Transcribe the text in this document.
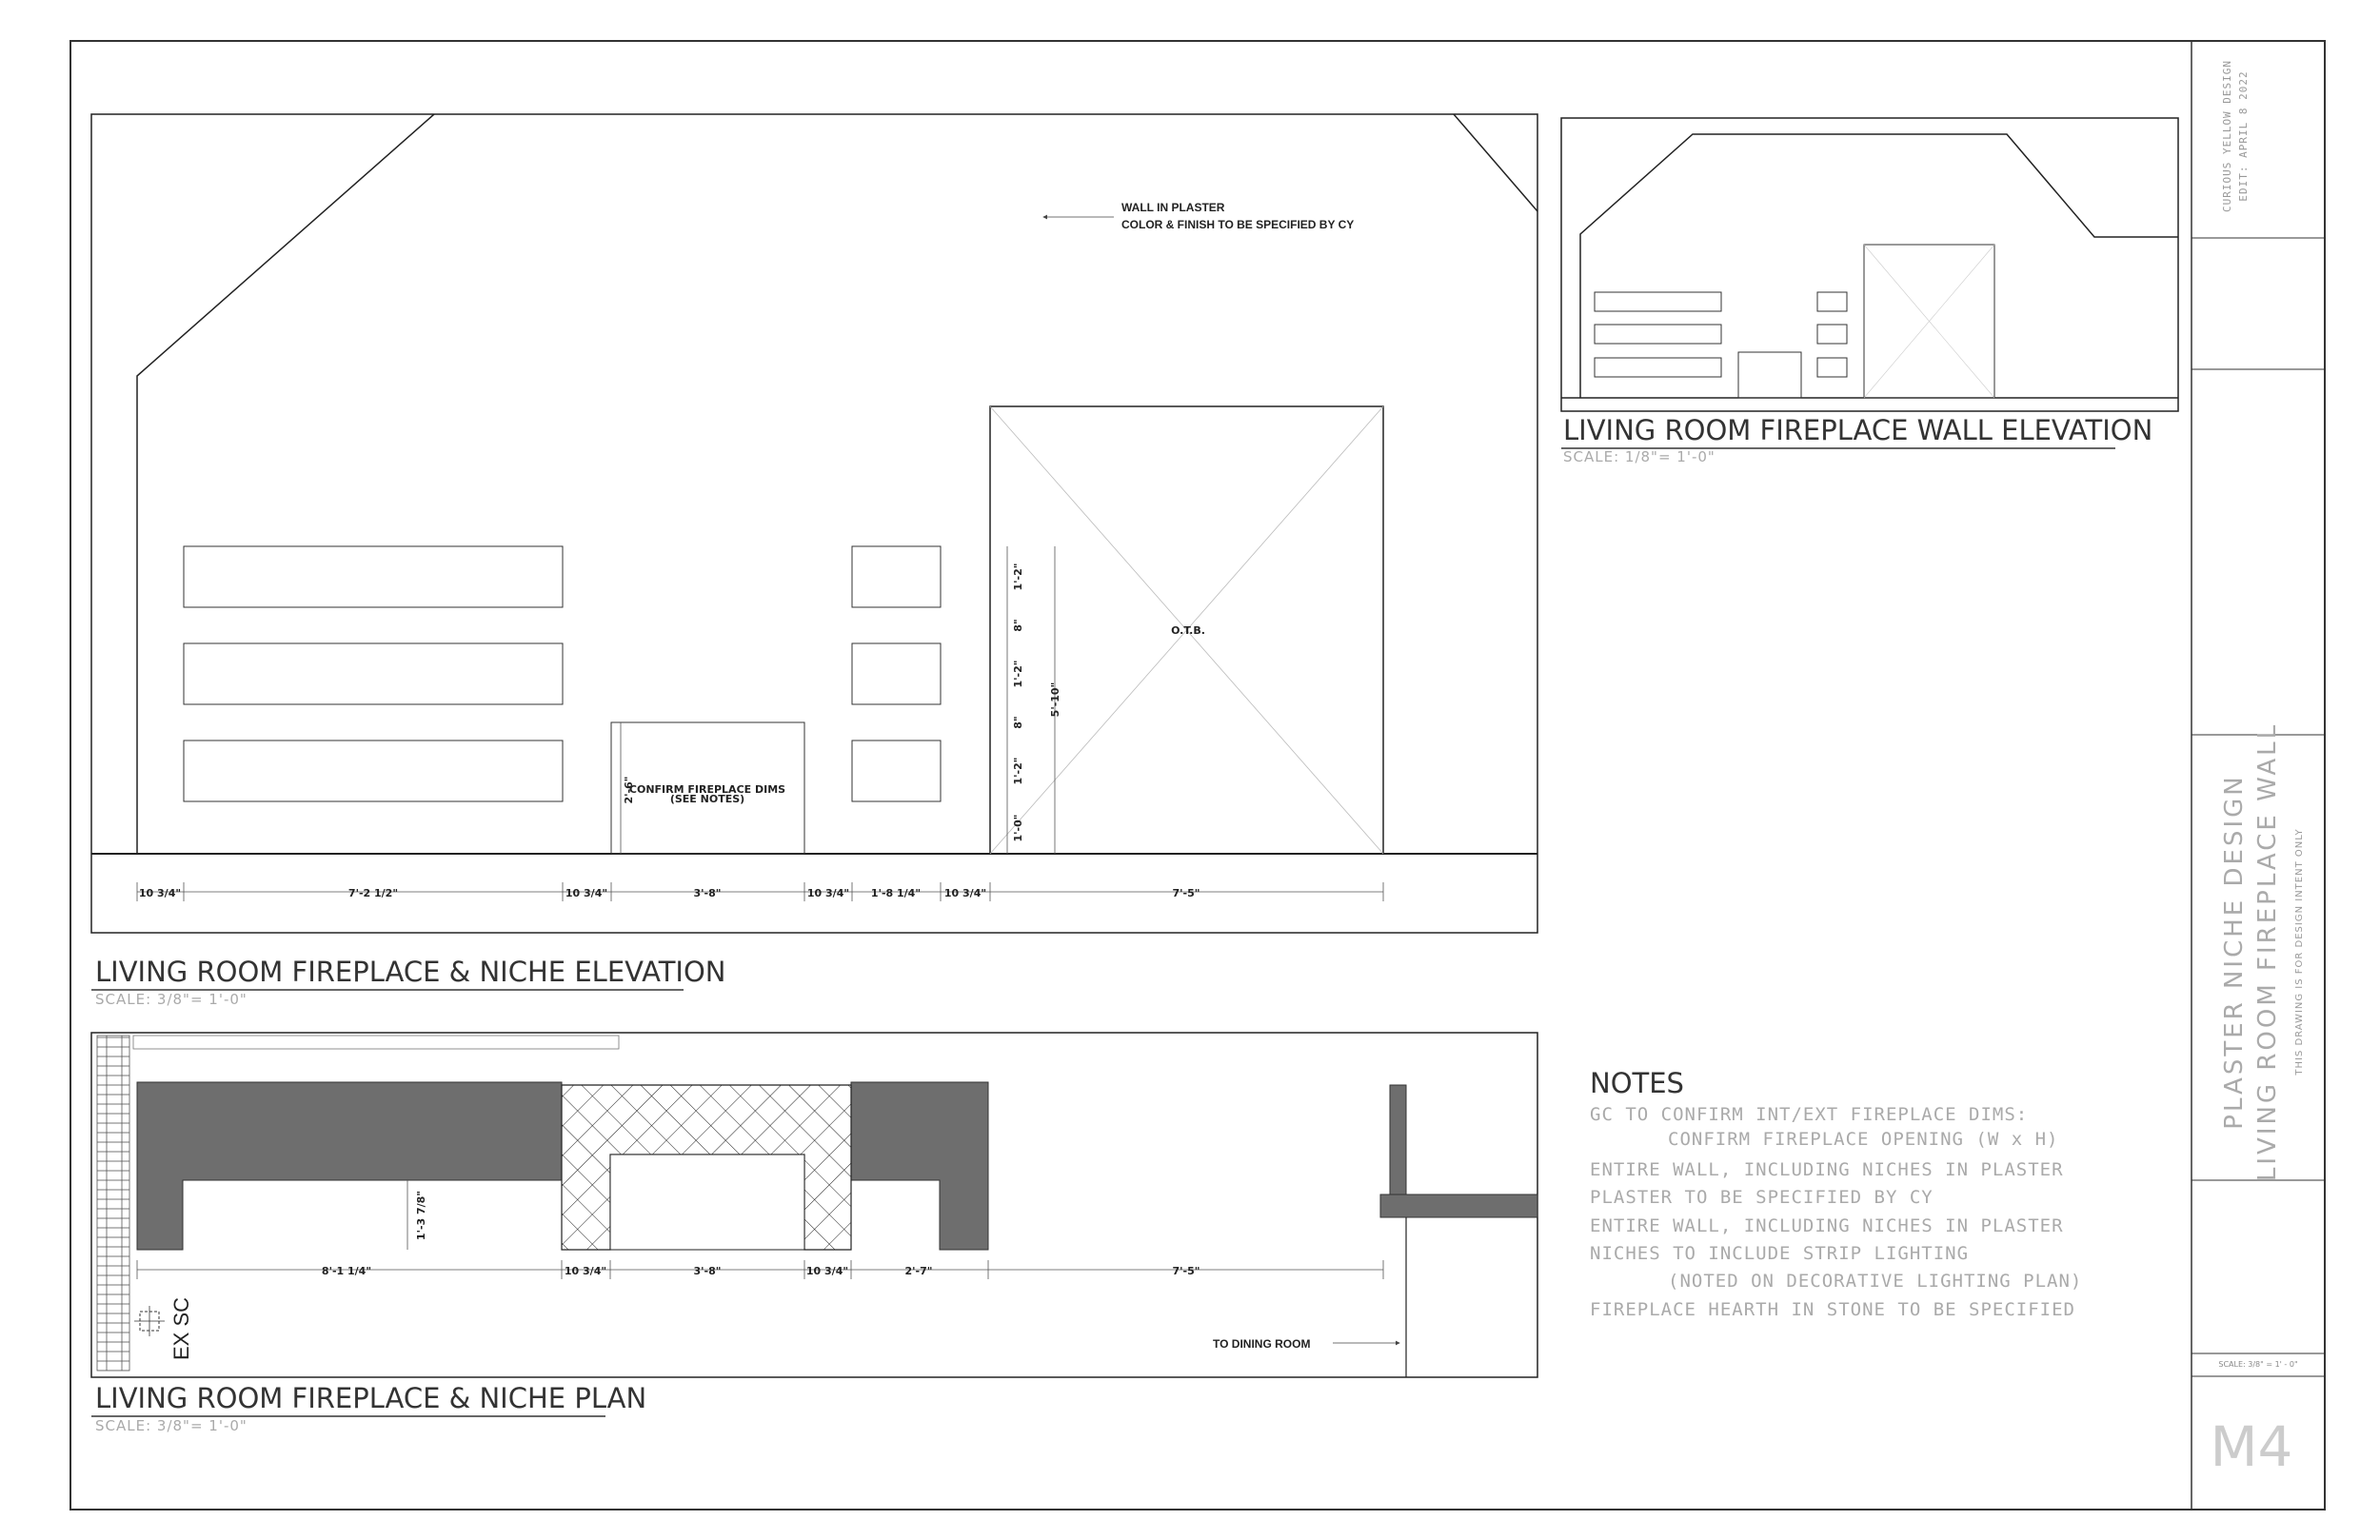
CONFIRM FIREPLACE DIMS
(SEE NOTES)
2'-6"
O.T.B.
1'-2"
8"
1'-2"
8"
1'-2"
1'-0"
5'-10"
WALL IN PLASTER
COLOR & FINISH TO BE SPECIFIED BY CY
10 3/4"	7'-2 1/2"	10 3/4"	3'-8"	10 3/4" 1'-8 1/4" 10 3/4"	7'-5"
LIVING ROOM FIREPLACE & NICHE ELEVATION
SCALE: 3/8"= 1'-0"
LIVING ROOM FIREPLACE WALL ELEVATION
SCALE: 1/8"= 1'-0"
1'-3 7/8"
8'-1 1/4"	10 3/4"	3'-8"	10 3/4"	2'-7"	7'-5"
EX SC	TO DINING ROOM
LIVING ROOM FIREPLACE & NICHE PLAN
SCALE: 3/8"= 1'-0"
NOTES
GC TO CONFIRM INT/EXT FIREPLACE DIMS:
CONFIRM FIREPLACE OPENING (W x H)
ENTIRE WALL, INCLUDING NICHES IN PLASTER
PLASTER TO BE SPECIFIED BY CY
ENTIRE WALL, INCLUDING NICHES IN PLASTER
NICHES TO INCLUDE STRIP LIGHTING
(NOTED ON DECORATIVE LIGHTING PLAN)
FIREPLACE HEARTH IN STONE TO BE SPECIFIED
CURIOUS YELLOW DESIGN EDIT: APRIL 8 2022
PLASTER NICHE DESIGN LIVING ROOM FIREPLACE WALL THIS DRAWING IS FOR DESIGN INTENT ONLY
SCALE: 3/8" = 1' - 0"
M4
